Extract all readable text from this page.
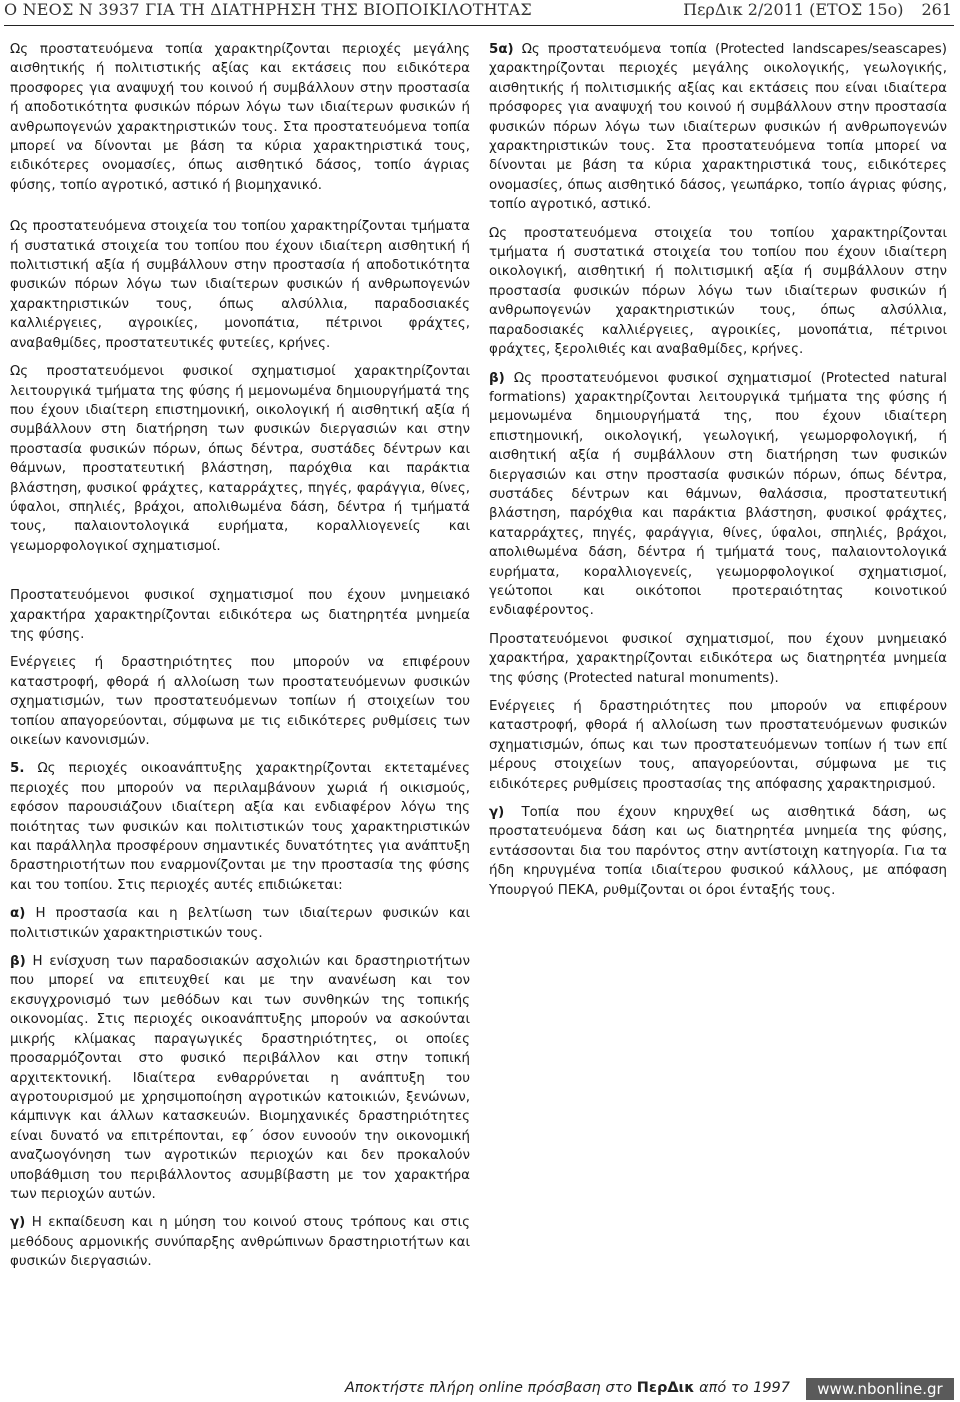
Ο ΝΕΟΣ Ν 3937 ΓΙΑ ΤΗ ΔΙΑΤΗΡΗΣΗ ΤΗΣ ΒΙΟΠΟΙΚΙΛΟΤΗΤΑΣ	ΠερΔικ 2/2011 (ΕΤΟΣ 15ο) 261

Ως προστατευόμενα τοπία χαρακτηρίζονται περιοχές μεγάλης αισθητικής ή πολιτιστικής αξίας και εκτάσεις που ειδικότερα προσφορες για αναψυχή του κοινού ή συμβάλλουν στην προστασία ή αποδοτικότητα φυσικών πόρων λόγω των ιδιαίτερων φυσικών ή ανθρωπογενών χαρακτηριστικών τους. Στα προστατευόμενα τοπία μπορεί να δίνονται με βάση τα κύρια χαρακτηριστικά τους, ειδικότερες ονομασίες, όπως αισθητικό δάσος, τοπίο άγριας φύσης, τοπίο αγροτικό, αστικό ή βιομηχανικό.

Ως προστατευόμενα στοιχεία του τοπίου χαρακτηρίζονται τμήματα ή συστατικά στοιχεία του τοπίου που έχουν ιδιαίτερη αισθητική ή πολιτιστική αξία ή συμβάλλουν στην προστασία ή αποδοτικότητα φυσικών πόρων λόγω των ιδιαίτερων φυσικών ή ανθρωπογενών χαρακτηριστικών τους, όπως αλσύλλια, παραδοσιακές καλλιέργειες, αγροικίες, μονοπάτια, πέτρινοι φράχτες, αναβαθμίδες, προστατευτικές φυτείες, κρήνες.

Ως προστατευόμενοι φυσικοί σχηματισμοί χαρακτηρίζονται λειτουργικά τμήματα της φύσης ή μεμονωμένα δημιουργήματά της που έχουν ιδιαίτερη επιστημονική, οικολογική ή αισθητική αξία ή συμβάλλουν στη διατήρηση των φυσικών διεργασιών και στην προστασία φυσικών πόρων, όπως δέντρα, συστάδες δέντρων και θάμνων, προστατευτική βλάστηση, παρόχθια και παράκτια βλάστηση, φυσικοί φράχτες, καταρράχτες, πηγές, φαράγγια, θίνες, ύφαλοι, σπηλιές, βράχοι, απολιθωμένα δάση, δέντρα ή τμήματά τους, παλαιοντολογικά ευρήματα, κοραλλιογενείς και γεωμορφολογικοί σχηματισμοί.

Προστατευόμενοι φυσικοί σχηματισμοί που έχουν μνημειακό χαρακτήρα χαρακτηρίζονται ειδικότερα ως διατηρητέα μνημεία της φύσης.

Ενέργειες ή δραστηριότητες που μπορούν να επιφέρουν καταστροφή, φθορά ή αλλοίωση των προστατευόμενων φυσικών σχηματισμών, των προστατευόμενων τοπίων ή στοιχείων του τοπίου απαγορεύονται, σύμφωνα με τις ειδικότερες ρυθμίσεις των οικείων κανονισμών.

5. Ως περιοχές οικοανάπτυξης χαρακτηρίζονται εκτεταμένες περιοχές που μπορούν να περιλαμβάνουν χωριά ή οικισμούς, εφόσον παρουσιάζουν ιδιαίτερη αξία και ενδιαφέρον λόγω της ποιότητας των φυσικών και πολιτιστικών τους χαρακτηριστικών και παράλληλα προσφέρουν σημαντικές δυνατότητες για ανάπτυξη δραστηριοτήτων που εναρμονίζονται με την προστασία της φύσης και του τοπίου. Στις περιοχές αυτές επιδιώκεται:

α) Η προστασία και η βελτίωση των ιδιαίτερων φυσικών και πολιτιστικών χαρακτηριστικών τους.

β) Η ενίσχυση των παραδοσιακών ασχολιών και δραστηριοτήτων που μπορεί να επιτευχθεί και με την ανανέωση και τον εκσυγχρονισμό των μεθόδων και των συνθηκών της τοπικής οικονομίας. Στις περιοχές οικοανάπτυξης μπορούν να ασκούνται μικρής κλίμακας παραγωγικές δραστηριότητες, οι οποίες προσαρμόζονται στο φυσικό περιβάλλον και στην τοπική αρχιτεκτονική. Ιδιαίτερα ενθαρρύνεται η ανάπτυξη του αγροτουρισμού με χρησιμοποίηση αγροτικών κατοικιών, ξενώνων, κάμπινγκ και άλλων κατασκευών. Βιομηχανικές δραστηριότητες είναι δυνατό να επιτρέπονται, εφ΄ όσον ευνοούν την οικονομική αναζωογόνηση των αγροτικών περιοχών και δεν προκαλούν υποβάθμιση του περιβάλλοντος ασυμβίβαστη με τον χαρακτήρα των περιοχών αυτών.

γ) Η εκπαίδευση και η μύηση του κοινού στους τρόπους και στις μεθόδους αρμονικής συνύπαρξης ανθρώπινων δραστηριοτήτων και φυσικών διεργασιών.

5α) Ως προστατευόμενα τοπία (Protected landscapes/seascapes) χαρακτηρίζονται περιοχές μεγάλης οικολογικής, γεωλογικής, αισθητικής ή πολιτισμικής αξίας και εκτάσεις που είναι ιδιαίτερα πρόσφορες για αναψυχή του κοινού ή συμβάλλουν στην προστασία φυσικών πόρων λόγω των ιδιαίτερων φυσικών ή ανθρωπογενών χαρακτηριστικών τους. Στα προστατευόμενα τοπία μπορεί να δίνονται με βάση τα κύρια χαρακτηριστικά τους, ειδικότερες ονομασίες, όπως αισθητικό δάσος, γεωπάρκο, τοπίο άγριας φύσης, τοπίο αγροτικό, αστικό.

Ως προστατευόμενα στοιχεία του τοπίου χαρακτηρίζονται τμήματα ή συστατικά στοιχεία του τοπίου που έχουν ιδιαίτερη οικολογική, αισθητική ή πολιτισμική αξία ή συμβάλλουν στην προστασία φυσικών πόρων λόγω των ιδιαίτερων φυσικών ή ανθρωπογενών χαρακτηριστικών τους, όπως αλσύλλια, παραδοσιακές καλλιέργειες, αγροικίες, μονοπάτια, πέτρινοι φράχτες, ξερολιθιές και αναβαθμίδες, κρήνες.

β) Ως προστατευόμενοι φυσικοί σχηματισμοί (Protected natural formations) χαρακτηρίζονται λειτουργικά τμήματα της φύσης ή μεμονωμένα δημιουργήματά της, που έχουν ιδιαίτερη επιστημονική, οικολογική, γεωλογική, γεωμορφολογική, ή αισθητική αξία ή συμβάλλουν στη διατήρηση των φυσικών διεργασιών και στην προστασία φυσικών πόρων, όπως δέντρα, συστάδες δέντρων και θάμνων, θαλάσσια, προστατευτική βλάστηση, παρόχθια και παράκτια βλάστηση, φυσικοί φράχτες, καταρράχτες, πηγές, φαράγγια, θίνες, ύφαλοι, σπηλιές, βράχοι, απολιθωμένα δάση, δέντρα ή τμήματά τους, παλαιοντολογικά ευρήματα, κοραλλιογενείς, γεωμορφολογικοί σχηματισμοί, γεώτοποι και οικότοποι προτεραιότητας κοινοτικού ενδιαφέροντος.

Προστατευόμενοι φυσικοί σχηματισμοί, που έχουν μνημειακό χαρακτήρα, χαρακτηρίζονται ειδικότερα ως διατηρητέα μνημεία της φύσης (Protected natural monuments).

Ενέργειες ή δραστηριότητες που μπορούν να επιφέρουν καταστροφή, φθορά ή αλλοίωση των προστατευόμενων φυσικών σχηματισμών, όπως και των προστατευόμενων τοπίων ή των επί μέρους στοιχείων τους, απαγορεύονται, σύμφωνα με τις ειδικότερες ρυθμίσεις προστασίας της απόφασης χαρακτηρισμού.

γ) Τοπία που έχουν κηρυχθεί ως αισθητικά δάση, ως προστατευόμενα δάση και ως διατηρητέα μνημεία της φύσης, εντάσσονται δια του παρόντος στην αντίστοιχη κατηγορία. Για τα ήδη κηρυγμένα τοπία ιδιαίτερου φυσικού κάλλους, με απόφαση Υπουργού ΠΕΚΑ, ρυθμίζονται οι όροι ένταξής τους.

Αποκτήστε πλήρη online πρόσβαση στο ΠερΔικ από το 1997	www.nbonline.gr
